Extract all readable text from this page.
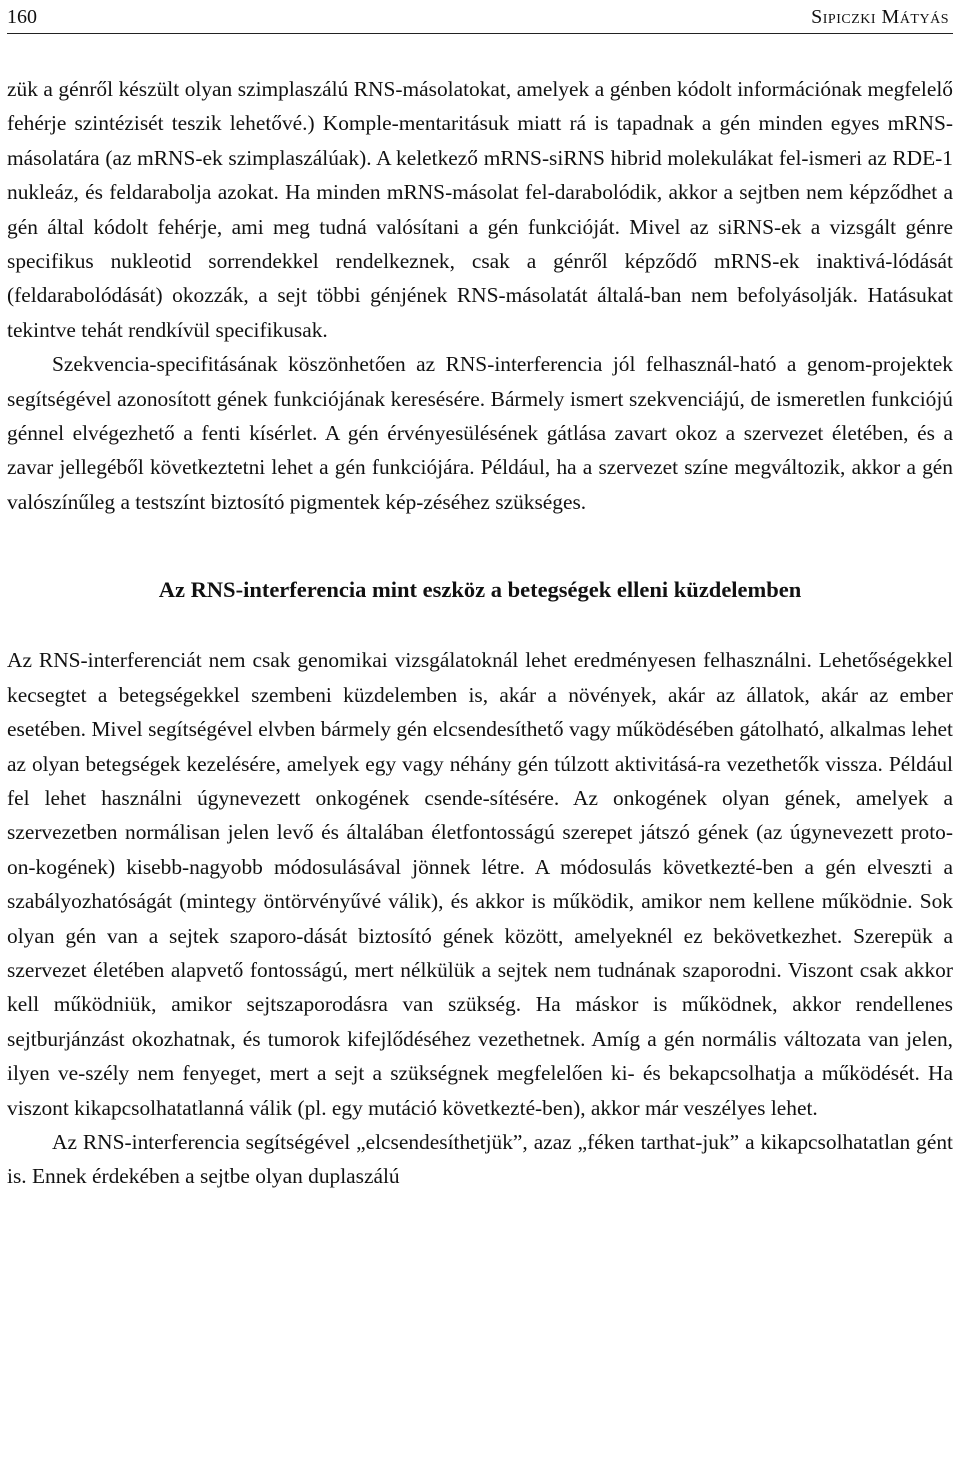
160	Sipiczki Mátyás

zük a génről készült olyan szimplaszálú RNS-másolatokat, amelyek a génben kódolt információnak megfelelő fehérje szintézisét teszik lehetővé.) Komple-mentaritásuk miatt rá is tapadnak a gén minden egyes mRNS-másolatára (az mRNS-ek szimplaszálúak). A keletkező mRNS-siRNS hibrid molekulákat fel-ismeri az RDE-1 nukleáz, és feldarabolja azokat. Ha minden mRNS-másolat fel-darabolódik, akkor a sejtben nem képződhet a gén által kódolt fehérje, ami meg tudná valósítani a gén funkcióját. Mivel az siRNS-ek a vizsgált génre specifikus nukleotid sorrendekkel rendelkeznek, csak a génről képződő mRNS-ek inaktivá-lódását (feldarabolódását) okozzák, a sejt többi génjének RNS-másolatát általá-ban nem befolyásolják. Hatásukat tekintve tehát rendkívül specifikusak.

Szekvencia-specifitásának köszönhetően az RNS-interferencia jól felhasznál-ható a genom-projektek segítségével azonosított gének funkciójának keresésére. Bármely ismert szekvenciájú, de ismeretlen funkciójú génnel elvégezhető a fenti kísérlet. A gén érvényesülésének gátlása zavart okoz a szervezet életében, és a zavar jellegéből következtetni lehet a gén funkciójára. Például, ha a szervezet színe megváltozik, akkor a gén valószínűleg a testszínt biztosító pigmentek kép-zéséhez szükséges.

Az RNS-interferencia mint eszköz a betegségek elleni küzdelemben

Az RNS-interferenciát nem csak genomikai vizsgálatoknál lehet eredményesen felhasználni. Lehetőségekkel kecsegtet a betegségekkel szembeni küzdelemben is, akár a növények, akár az állatok, akár az ember esetében. Mivel segítségével elvben bármely gén elcsendesíthető vagy működésében gátolható, alkalmas lehet az olyan betegségek kezelésére, amelyek egy vagy néhány gén túlzott aktivitásá-ra vezethetők vissza. Például fel lehet használni úgynevezett onkogének csende-sítésére. Az onkogének olyan gének, amelyek a szervezetben normálisan jelen levő és általában életfontosságú szerepet játszó gének (az úgynevezett proto-on-kogének) kisebb-nagyobb módosulásával jönnek létre. A módosulás következté-ben a gén elveszti a szabályozhatóságát (mintegy öntörvényűvé válik), és akkor is működik, amikor nem kellene működnie. Sok olyan gén van a sejtek szaporo-dását biztosító gének között, amelyeknél ez bekövetkezhet. Szerepük a szervezet életében alapvető fontosságú, mert nélkülük a sejtek nem tudnának szaporodni. Viszont csak akkor kell működniük, amikor sejtszaporodásra van szükség. Ha máskor is működnek, akkor rendellenes sejtburjánzást okozhatnak, és tumorok kifejlődéséhez vezethetnek. Amíg a gén normális változata van jelen, ilyen ve-szély nem fenyeget, mert a sejt a szükségnek megfelelően ki- és bekapcsolhatja a működését. Ha viszont kikapcsolhatatlanná válik (pl. egy mutáció következté-ben), akkor már veszélyes lehet.

Az RNS-interferencia segítségével „elcsendesíthetjük”, azaz „féken tarthat-juk” a kikapcsolhatatlan gént is. Ennek érdekében a sejtbe olyan duplaszálú
